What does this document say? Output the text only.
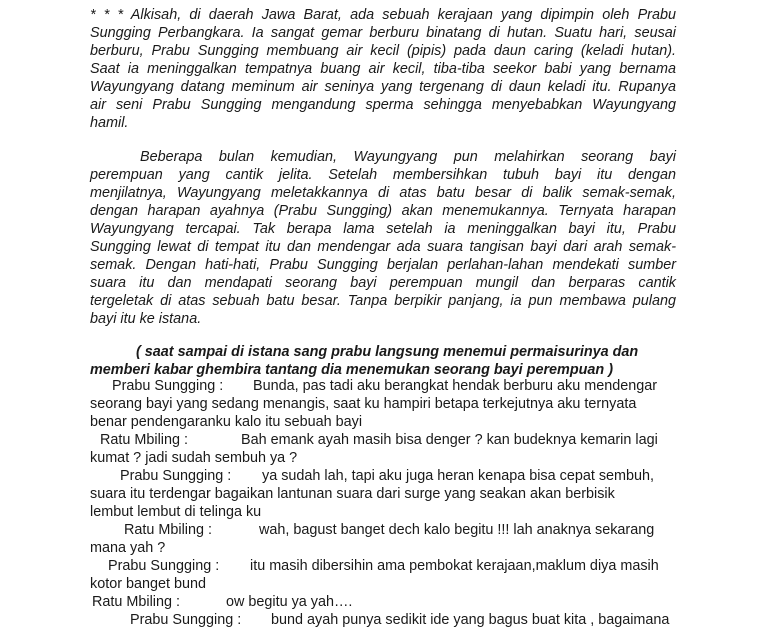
* * * Alkisah, di daerah Jawa Barat, ada sebuah kerajaan yang dipimpin oleh Prabu
Sungging Perbangkara. Ia sangat gemar berburu binatang di hutan. Suatu hari, seusai
berburu, Prabu Sungging membuang air kecil (pipis) pada daun caring (keladi hutan).
Saat ia meninggalkan tempatnya buang air kecil, tiba-tiba seekor babi yang bernama
Wayungyang datang meminum air seninya yang tergenang di daun keladi itu. Rupanya
air seni Prabu Sungging mengandung sperma sehingga menyebabkan Wayungyang
hamil.
Beberapa bulan kemudian, Wayungyang pun melahirkan seorang bayi
perempuan yang cantik jelita. Setelah membersihkan tubuh bayi itu dengan
menjilatnya, Wayungyang meletakkannya di atas batu besar di balik semak-semak,
dengan harapan ayahnya (Prabu Sungging) akan menemukannya. Ternyata harapan
Wayungyang tercapai. Tak berapa lama setelah ia meninggalkan bayi itu, Prabu
Sungging lewat di tempat itu dan mendengar ada suara tangisan bayi dari arah semak-
semak. Dengan hati-hati, Prabu Sungging berjalan perlahan-lahan mendekati sumber
suara itu dan mendapati seorang bayi perempuan mungil dan berparas cantik
tergeletak di atas sebuah batu besar. Tanpa berpikir panjang, ia pun membawa pulang
bayi itu ke istana.
( saat sampai di istana sang prabu langsung menemui permaisurinya dan
memberi kabar ghembira tantang dia menemukan seorang bayi perempuan )
Prabu Sungging : Bunda, pas tadi aku berangkat hendak berburu aku mendengar
seorang bayi yang sedang menangis, saat ku hampiri betapa terkejutnya aku ternyata
benar pendengaranku kalo itu sebuah bayi
Ratu Mbiling :	Bah emank ayah masih bisa denger ? kan budeknya kemarin lagi
kumat ? jadi sudah sembuh ya ?
Prabu Sungging : ya sudah lah, tapi aku juga heran kenapa bisa cepat sembuh,
suara itu terdengar bagaikan lantunan suara dari surge yang seakan akan berbisik
lembut lembut di telinga ku
Ratu Mbiling :	wah, bagust banget dech kalo begitu !!! lah anaknya sekarang
mana yah ?
Prabu Sungging : itu masih dibersihin ama pembokat kerajaan,maklum diya masih
kotor banget bund
Ratu Mbiling :	ow begitu ya yah….
Prabu Sungging : bund ayah punya sedikit ide yang bagus buat kita , bagaimana
